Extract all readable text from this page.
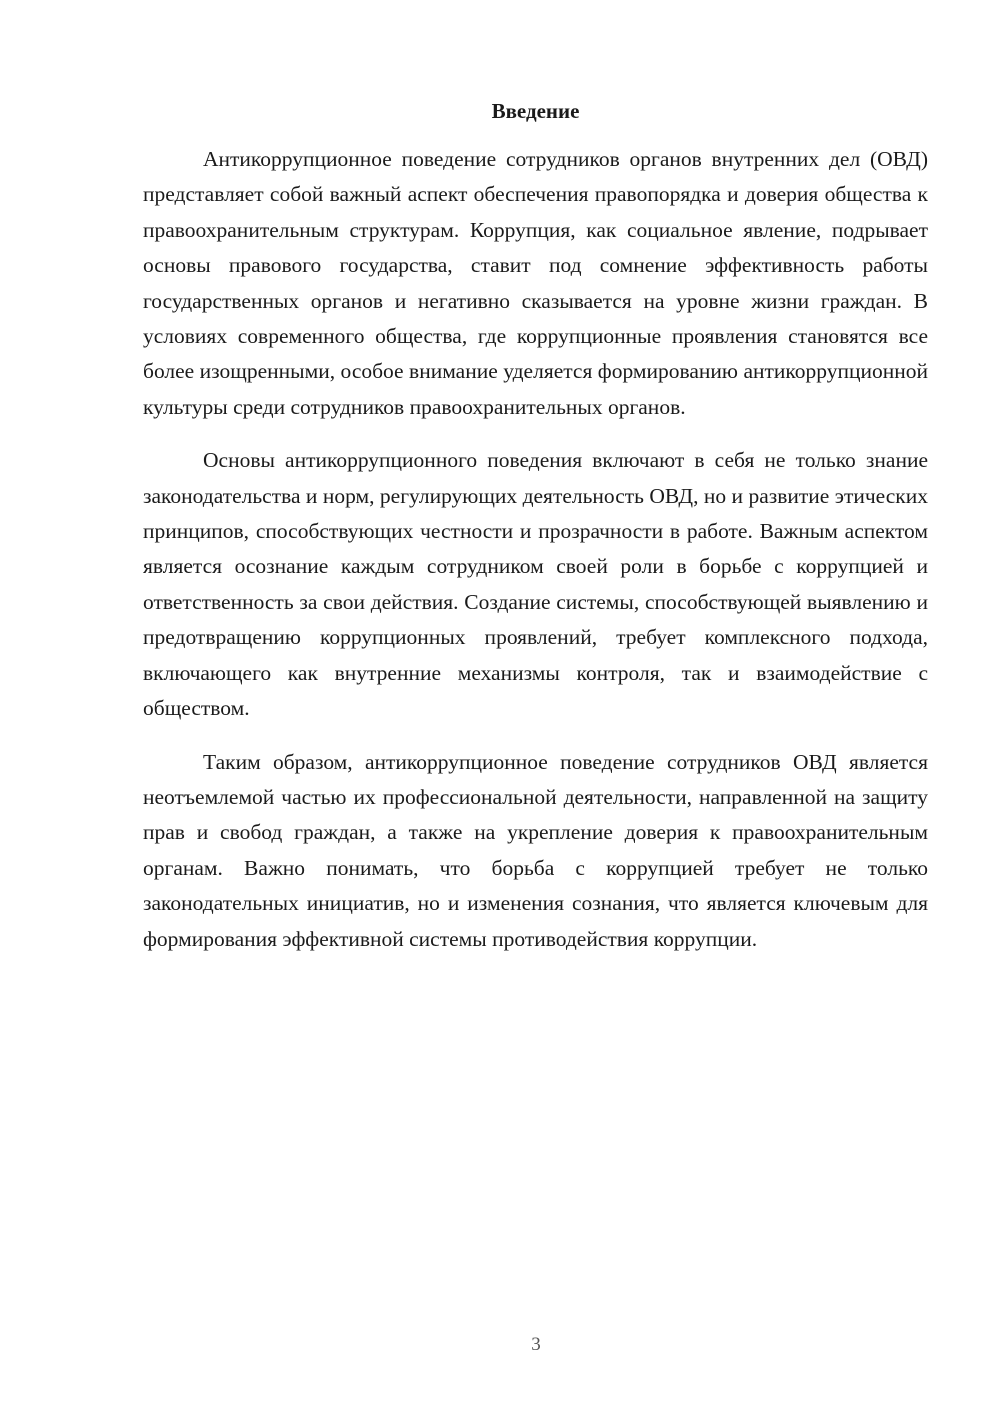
Введение

Антикоррупционное поведение сотрудников органов внутренних дел (ОВД) представляет собой важный аспект обеспечения правопорядка и доверия общества к правоохранительным структурам. Коррупция, как социальное явление, подрывает основы правового государства, ставит под сомнение эффективность работы государственных органов и негативно сказывается на уровне жизни граждан. В условиях современного общества, где коррупционные проявления становятся все более изощренными, особое внимание уделяется формированию антикоррупционной культуры среди сотрудников правоохранительных органов.

Основы антикоррупционного поведения включают в себя не только знание законодательства и норм, регулирующих деятельность ОВД, но и развитие этических принципов, способствующих честности и прозрачности в работе. Важным аспектом является осознание каждым сотрудником своей роли в борьбе с коррупцией и ответственность за свои действия. Создание системы, способствующей выявлению и предотвращению коррупционных проявлений, требует комплексного подхода, включающего как внутренние механизмы контроля, так и взаимодействие с обществом.

Таким образом, антикоррупционное поведение сотрудников ОВД является неотъемлемой частью их профессиональной деятельности, направленной на защиту прав и свобод граждан, а также на укрепление доверия к правоохранительным органам. Важно понимать, что борьба с коррупцией требует не только законодательных инициатив, но и изменения сознания, что является ключевым для формирования эффективной системы противодействия коррупции.

3
